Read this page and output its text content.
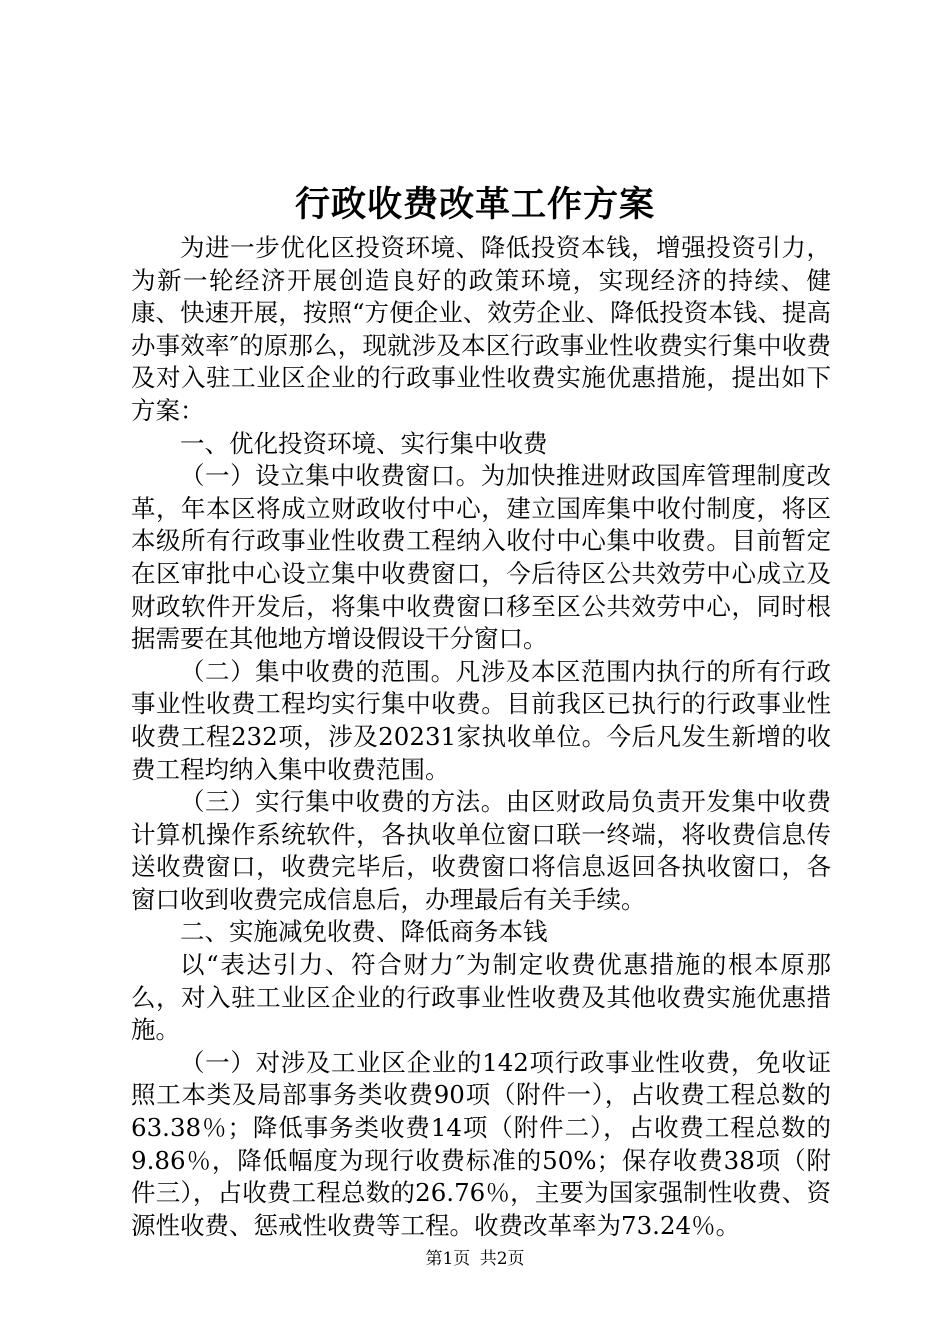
行政收费改革工作方案

为进一步优化区投资环境、降低投资本钱，增强投资引力，为新一轮经济开展创造良好的政策环境，实现经济的持续、健康、快速开展，按照“方便企业、效劳企业、降低投资本钱、提高办事效率″的原那么，现就涉及本区行政事业性收费实行集中收费及对入驻工业区企业的行政事业性收费实施优惠措施，提出如下方案：

一、优化投资环境、实行集中收费

（一）设立集中收费窗口。为加快推进财政国库管理制度改革，年本区将成立财政收付中心，建立国库集中收付制度，将区本级所有行政事业性收费工程纳入收付中心集中收费。目前暂定在区审批中心设立集中收费窗口，今后待区公共效劳中心成立及财政软件开发后，将集中收费窗口移至区公共效劳中心，同时根据需要在其他地方增设假设干分窗口。

（二）集中收费的范围。凡涉及本区范围内执行的所有行政事业性收费工程均实行集中收费。目前我区已执行的行政事业性收费工程232项，涉及20231家执收单位。今后凡发生新增的收费工程均纳入集中收费范围。

（三）实行集中收费的方法。由区财政局负责开发集中收费计算机操作系统软件，各执收单位窗口联一终端，将收费信息传送收费窗口，收费完毕后，收费窗口将信息返回各执收窗口，各窗口收到收费完成信息后，办理最后有关手续。

二、实施减免收费、降低商务本钱

以“表达引力、符合财力″为制定收费优惠措施的根本原那么，对入驻工业区企业的行政事业性收费及其他收费实施优惠措施。

（一）对涉及工业区企业的142项行政事业性收费，免收证照工本类及局部事务类收费90项（附件一），占收费工程总数的63.38％；降低事务类收费14项（附件二），占收费工程总数的9.86％，降低幅度为现行收费标准的50%；保存收费38项（附件三），占收费工程总数的26.76％，主要为国家强制性收费、资源性收费、惩戒性收费等工程。收费改革率为73.24％。

第1页 共2页
